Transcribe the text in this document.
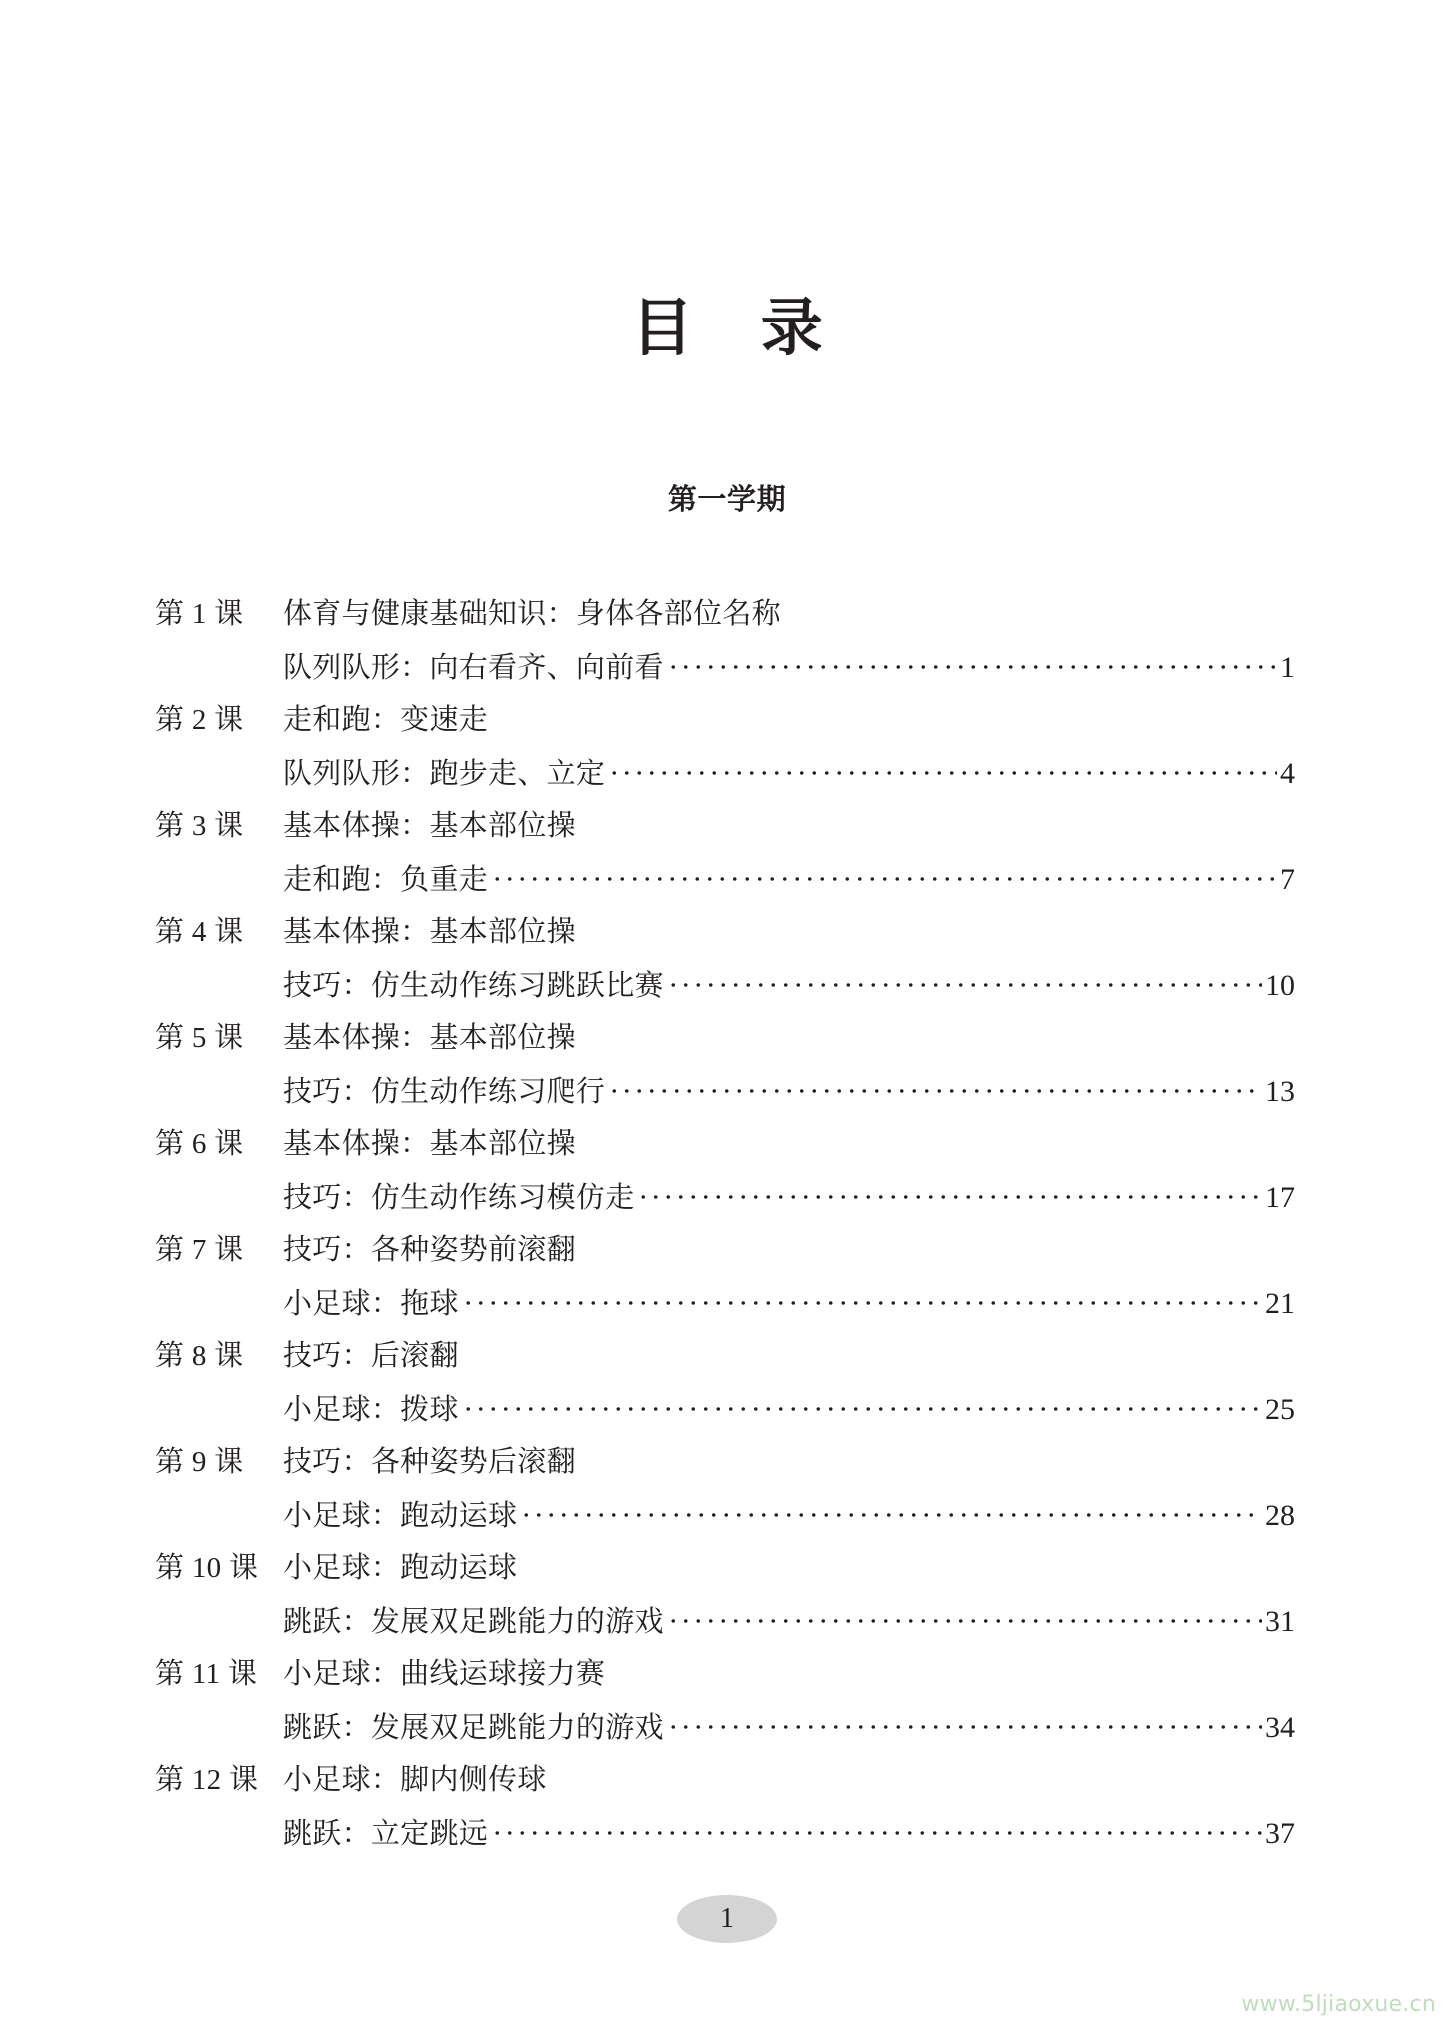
目 录
第一学期
第 1 课	体育与健康基础知识：身体各部位名称
队列队形：向右看齐、向前看	1
第 2 课	走和跑：变速走
队列队形：跑步走、立定	4
第 3 课	基本体操：基本部位操
走和跑：负重走	7
第 4 课	基本体操：基本部位操
技巧：仿生动作练习跳跃比赛	10
第 5 课	基本体操：基本部位操
技巧：仿生动作练习爬行	13
第 6 课	基本体操：基本部位操
技巧：仿生动作练习模仿走	17
第 7 课	技巧：各种姿势前滚翻
小足球：拖球	21
第 8 课	技巧：后滚翻
小足球：拨球	25
第 9 课	技巧：各种姿势后滚翻
小足球：跑动运球	28
第 10 课 小足球：跑动运球
跳跃：发展双足跳能力的游戏	31
第 11 课 小足球：曲线运球接力赛
跳跃：发展双足跳能力的游戏	34
第 12 课 小足球：脚内侧传球
跳跃：立定跳远	37
1
www.5ljiaoxue.cn
